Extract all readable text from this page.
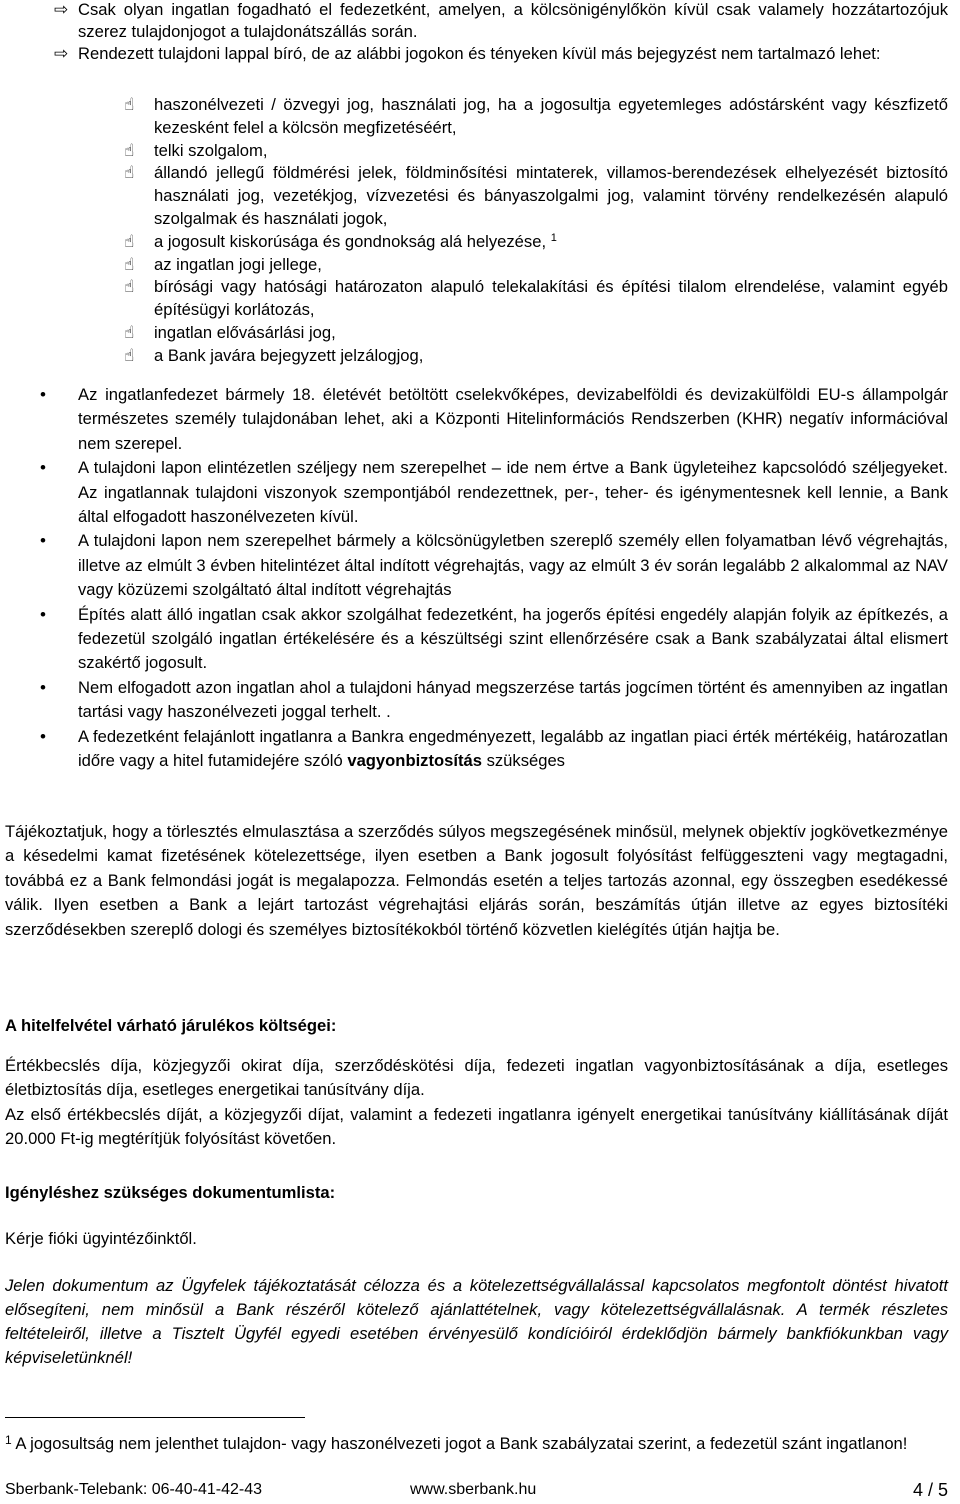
⇨ Csak olyan ingatlan fogadható el fedezetként, amelyen, a kölcsönigénylőkön kívül csak valamely hozzátartozójuk szerez tulajdonjogot a tulajdonátszállás során.

⇨ Rendezett tulajdoni lappal bíró, de az alábbi jogokon és tényeken kívül más bejegyzést nem tartalmazó lehet:

☝ haszonélvezeti / özvegyi jog, használati jog, ha a jogosultja egyetemleges adóstársként vagy készfizető kezesként felel a kölcsön megfizetéséért,

☝ telki szolgalom,

☝ állandó jellegű földmérési jelek, földminősítési mintaterek, villamos-berendezések elhelyezését biztosító használati jog, vezetékjog, vízvezetési és bányaszolgalmi jog, valamint törvény rendelkezésén alapuló szolgalmak és használati jogok,

☝ a jogosult kiskorúsága és gondnokság alá helyezése, $^1$

☝ az ingatlan jogi jellege,

☝ bírósági vagy hatósági határozaton alapuló telekalakítási és építési tilalom elrendelése, valamint egyéb építésügyi korlátozás,

☝ ingatlan elővásárlási jog,

☝ a Bank javára bejegyzett jelzálogjog,

• Az ingatlanfedezet bármely 18. életévét betöltött cselekvőképes, devizabelföldi és devizakülföldi EU-s állampolgár természetes személy tulajdonában lehet, aki a Központi Hitelinformációs Rendszerben (KHR) negatív információval nem szerepel.

• A tulajdoni lapon elintézetlen széljegy nem szerepelhet – ide nem értve a Bank ügyleteihez kapcsolódó széljegyeket. Az ingatlannak tulajdoni viszonyok szempontjából rendezettnek, per-, teher- és igénymentesnek kell lennie, a Bank által elfogadott haszonélvezeten kívül.

• A tulajdoni lapon nem szerepelhet bármely a kölcsönügyletben szereplő személy ellen folyamatban lévő végrehajtás, illetve az elmúlt 3 évben hitelintézet által indított végrehajtás, vagy az elmúlt 3 év során legalább 2 alkalommal az NAV vagy közüzemi szolgáltató által indított végrehajtás

• Építés alatt álló ingatlan csak akkor szolgálhat fedezetként, ha jogerős építési engedély alapján folyik az építkezés, a fedezetül szolgáló ingatlan értékelésére és a készültségi szint ellenőrzésére csak a Bank szabályzatai által elismert szakértő jogosult.

• Nem elfogadott azon ingatlan ahol a tulajdoni hányad megszerzése tartás jogcímen történt és amennyiben az ingatlan tartási vagy haszonélvezeti joggal terhelt. .

• A fedezetként felajánlott ingatlanra a Bankra engedményezett, legalább az ingatlan piaci érték mértékéig, határozatlan időre vagy a hitel futamidejére szóló vagyonbiztosítás szükséges

Tájékoztatjuk, hogy a törlesztés elmulasztása a szerződés súlyos megszegésének minősül, melynek objektív jogkövetkezménye a késedelmi kamat fizetésének kötelezettsége, ilyen esetben a Bank jogosult folyósítást felfüggeszteni vagy megtagadni, továbbá ez a Bank felmondási jogát is megalapozza. Felmondás esetén a teljes tartozás azonnal, egy összegben esedékessé válik. Ilyen esetben a Bank a lejárt tartozást végrehajtási eljárás során, beszámítás útján illetve az egyes biztosítéki szerződésekben szereplő dologi és személyes biztosítékokból történő közvetlen kielégítés útján hajtja be.

A hitelfelvétel várható járulékos költségei:

Értékbecslés díja, közjegyzői okirat díja, szerződéskötési díja, fedezeti ingatlan vagyonbiztosításának a díja, esetleges életbiztosítás díja, esetleges energetikai tanúsítvány díja.

Az első értékbecslés díját, a közjegyzői díjat, valamint a fedezeti ingatlanra igényelt energetikai tanúsítvány kiállításának díját 20.000 Ft-ig megtérítjük folyósítást követően.

Igényléshez szükséges dokumentumlista:

Kérje fióki ügyintézőinktől.

Jelen dokumentum az Ügyfelek tájékoztatását célozza és a kötelezettségvállalással kapcsolatos megfontolt döntést hivatott elősegíteni, nem minősül a Bank részéről kötelező ajánlattételnek, vagy kötelezettségvállalásnak. A termék részletes feltételeiről, illetve a Tisztelt Ügyfél egyedi esetében érvényesülő kondícióiról érdeklődjön bármely bankfiókunkban vagy képviseletünknél!
$^1$ A jogosultság nem jelenthet tulajdon- vagy haszonélvezeti jogot a Bank szabályzatai szerint, a fedezetül szánt ingatlanon!
Sberbank-Telebank: 06-40-41-42-43	www.sberbank.hu	4 / 5
